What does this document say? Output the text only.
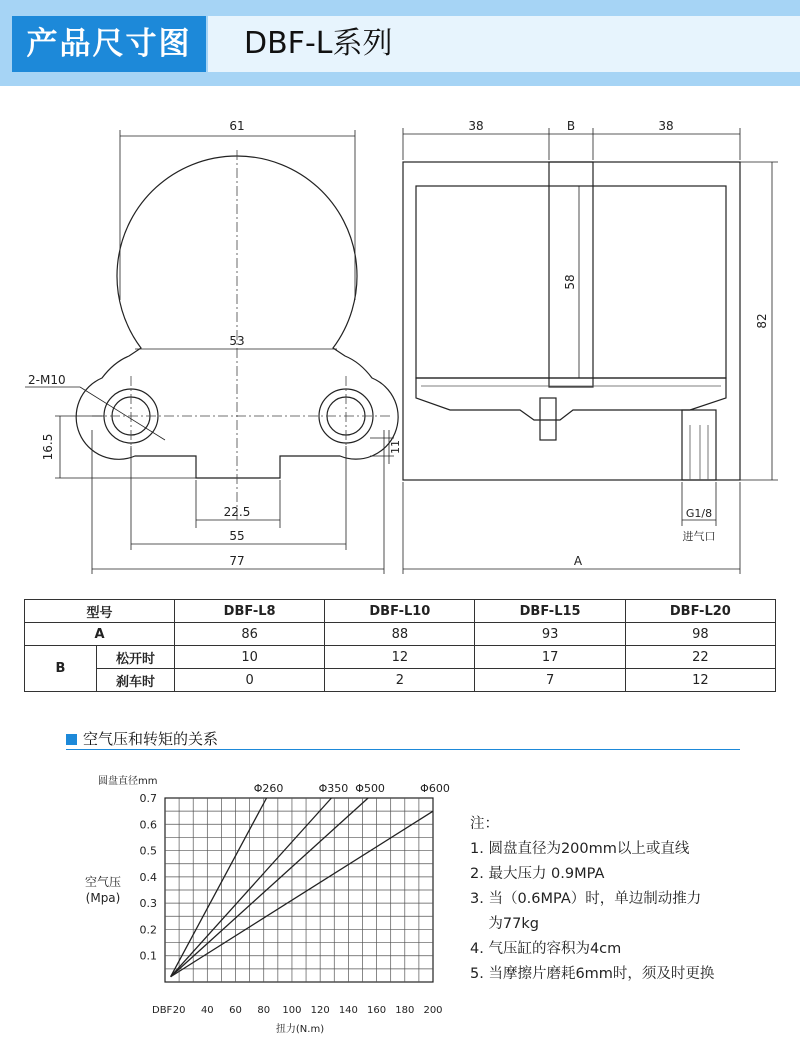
产品尺寸图	DBF-L系列
61
53
2-M10
16.5	11
22.5
55
77
38	B	38
58
82
G1/8
进气口
A
型号		DBF-L8	DBF-L10	DBF-L15	DBF-L20
A		86	88	93	98
B	松开时	10	12	17	22
	刹车时	0	2	7	12
空气压和转矩的关系
0.1
0.2
0.3
0.4
0.5
0.6
0.7
20 40 60 80 100 120 140 160 180 200
Φ260	Φ350 Φ500	Φ600
圆盘直径mm
DBF
扭力(N.m)
空气压
(Mpa)
注：
1. 圆盘直径为200mm以上或直线
2. 最大压力 0.9MPA
3. 当（0.6MPA）时，单边制动推力
为77kg
4. 气压缸的容积为4cm
5. 当摩擦片磨耗6mm时，须及时更换
